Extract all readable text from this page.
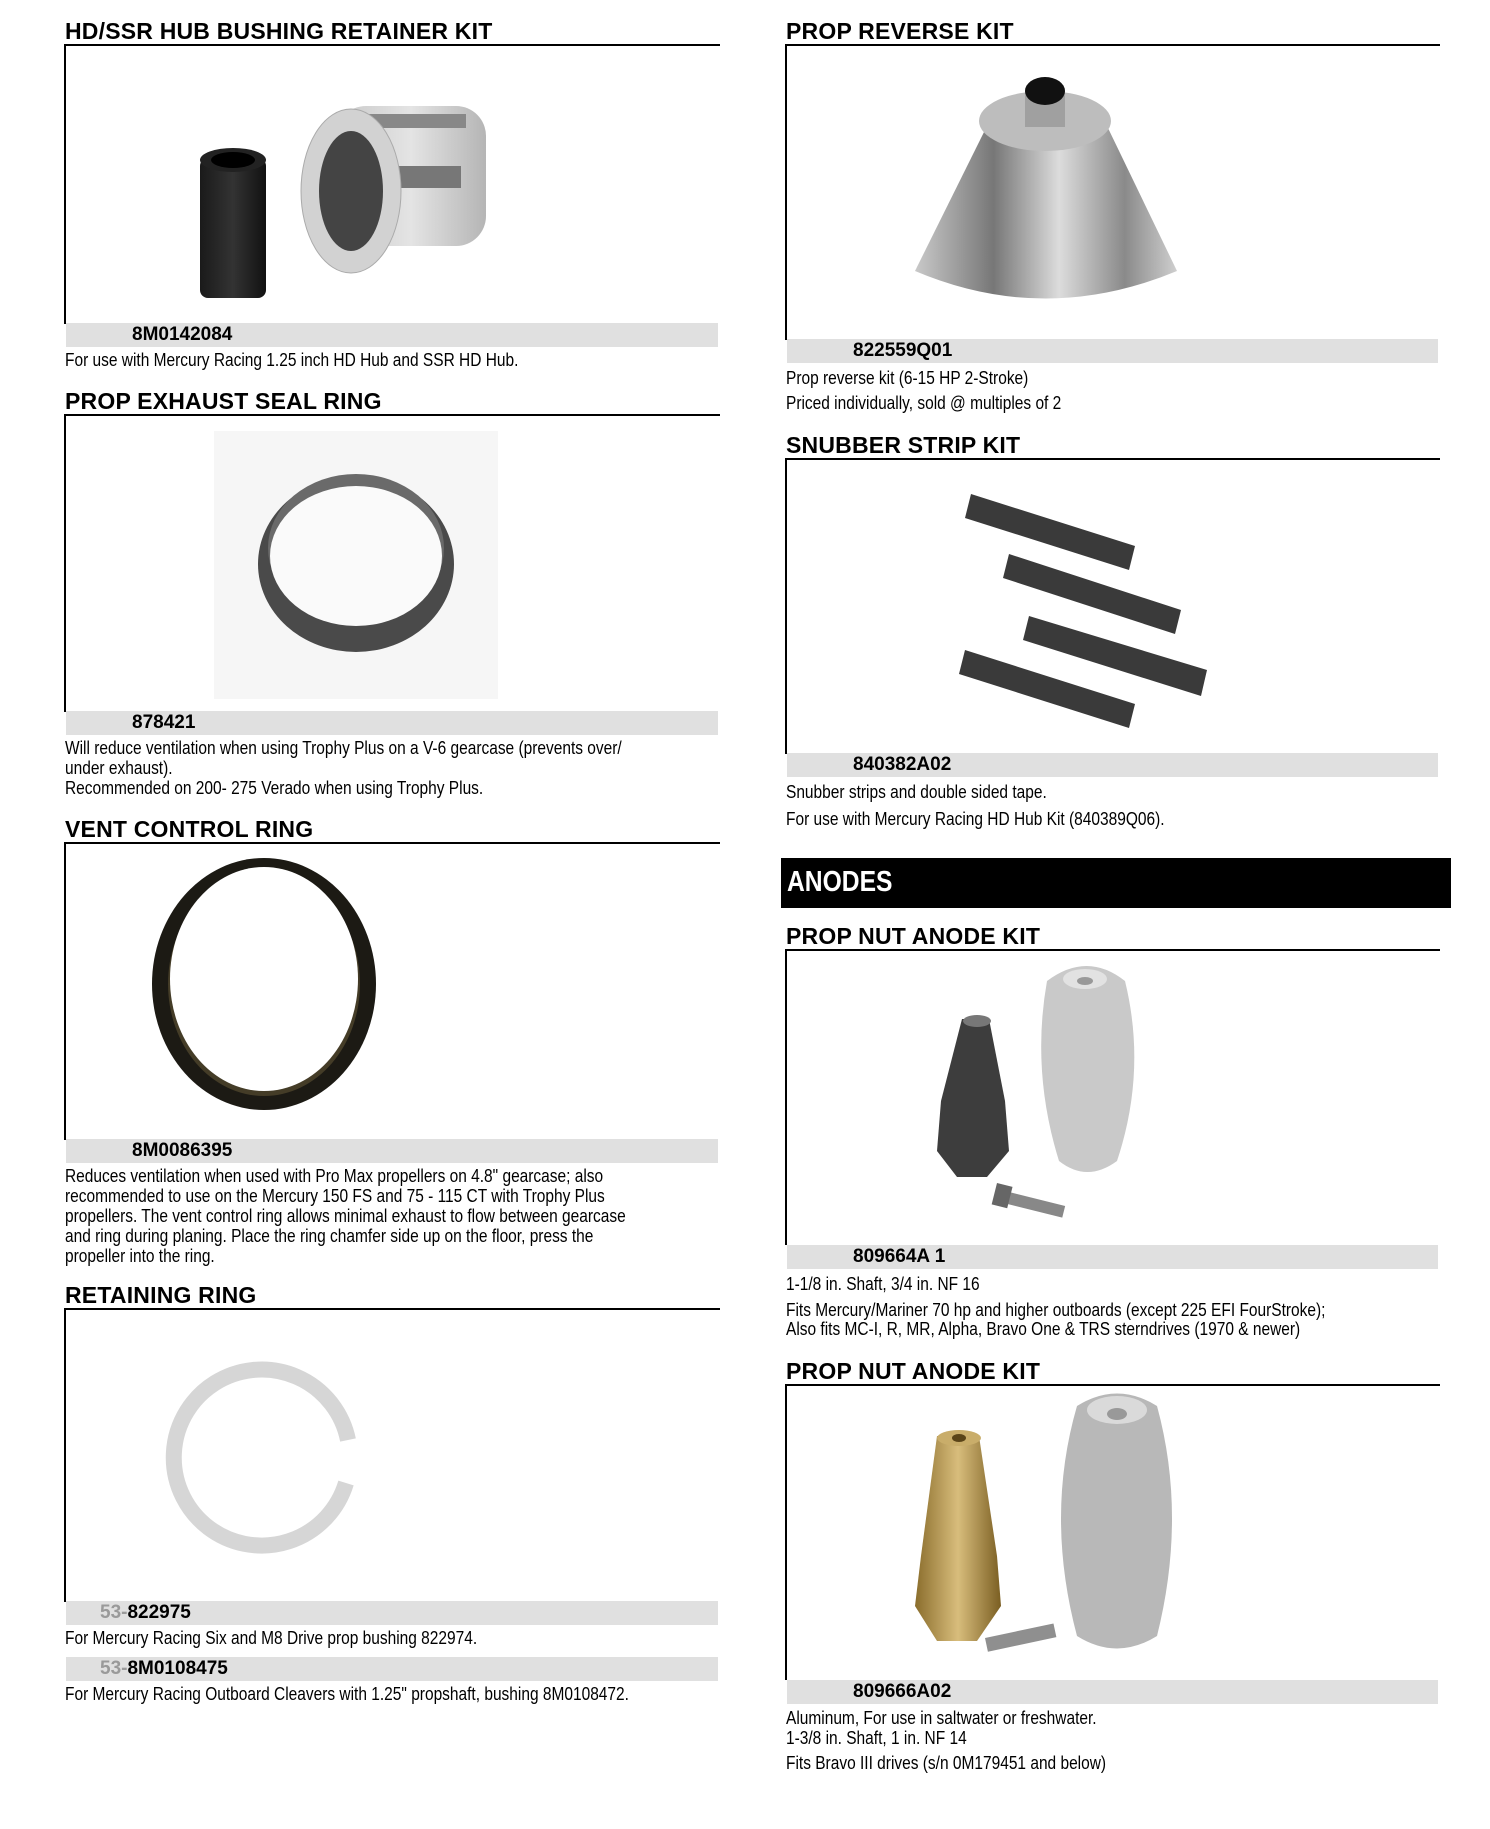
HD/SSR HUB BUSHING RETAINER KIT
8M0142084
For use with Mercury Racing 1.25 inch HD Hub and SSR HD Hub.
PROP EXHAUST SEAL RING
878421
Will reduce ventilation when using Trophy Plus on a V-6 gearcase (prevents over/
under exhaust).
Recommended on 200- 275 Verado when using Trophy Plus.
VENT CONTROL RING
8M0086395
Reduces ventilation when used with Pro Max propellers on 4.8" gearcase; also
recommended to use on the Mercury 150 FS and 75 - 115 CT with Trophy Plus
propellers. The vent control ring allows minimal exhaust to flow between gearcase
and ring during planing. Place the ring chamfer side up on the floor, press the
propeller into the ring.
RETAINING RING
53-822975
For Mercury Racing Six and M8 Drive prop bushing 822974.
53-8M0108475
For Mercury Racing Outboard Cleavers with 1.25" propshaft, bushing 8M0108472.
PROP REVERSE KIT
822559Q01
Prop reverse kit (6-15 HP 2-Stroke)
Priced individually, sold @ multiples of 2
SNUBBER STRIP KIT
840382A02
Snubber strips and double sided tape.
For use with Mercury Racing HD Hub Kit (840389Q06).
ANODES
PROP NUT ANODE KIT
809664A 1
1-1/8 in. Shaft, 3/4 in. NF 16
Fits Mercury/Mariner 70 hp and higher outboards (except 225 EFI FourStroke);
Also fits MC-I, R, MR, Alpha, Bravo One & TRS sterndrives (1970 & newer)
PROP NUT ANODE KIT
809666A02
Aluminum, For use in saltwater or freshwater.
1-3/8 in. Shaft, 1 in. NF 14
Fits Bravo III drives (s/n 0M179451 and below)
